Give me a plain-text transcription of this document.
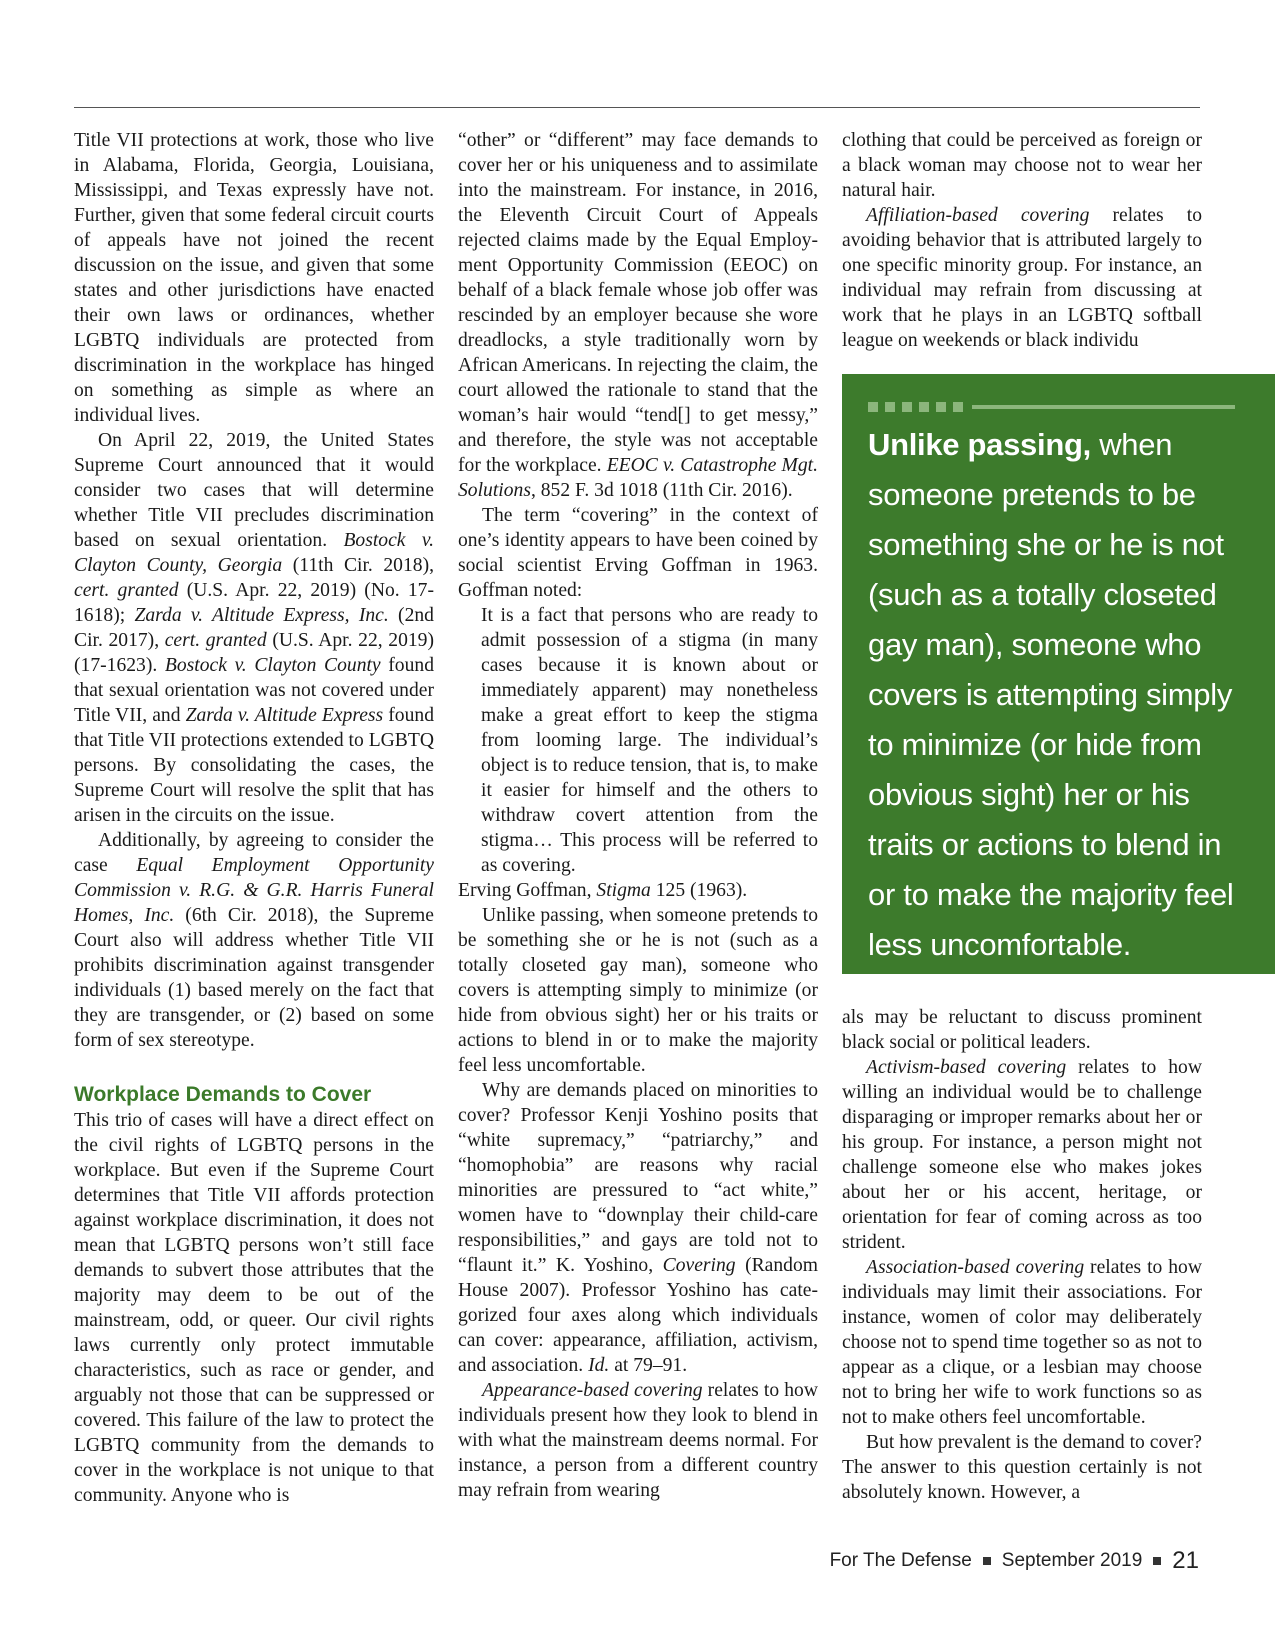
Title VII protections at work, those who live in Alabama, Florida, Georgia, Louisiana, Mississippi, and Texas expressly have not. Further, given that some federal circuit courts of appeals have not joined the recent discussion on the issue, and given that some states and other jurisdictions have enacted their own laws or ordinances, whether LGBTQ individuals are protected from discrimination in the workplace has hinged on something as simple as where an individual lives.

On April 22, 2019, the United States Supreme Court announced that it would consider two cases that will determine whether Title VII precludes discrimination based on sexual orientation. Bostock v. Clayton County, Georgia (11th Cir. 2018), cert. granted (U.S. Apr. 22, 2019) (No. 17-1618); Zarda v. Altitude Express, Inc. (2nd Cir. 2017), cert. granted (U.S. Apr. 22, 2019) (17-1623). Bostock v. Clayton County found that sexual orientation was not covered under Title VII, and Zarda v. Altitude Express found that Title VII protections extended to LGBTQ persons. By consolidating the cases, the Supreme Court will resolve the split that has arisen in the circuits on the issue.

Additionally, by agreeing to consider the case Equal Employment Opportunity Commission v. R.G. & G.R. Harris Funeral Homes, Inc. (6th Cir. 2018), the Supreme Court also will address whether Title VII prohibits discrimination against transgender individuals (1) based merely on the fact that they are transgender, or (2) based on some form of sex stereotype.

Workplace Demands to Cover

This trio of cases will have a direct effect on the civil rights of LGBTQ persons in the workplace. But even if the Supreme Court determines that Title VII affords protection against workplace discrimination, it does not mean that LGBTQ persons won’t still face demands to subvert those attributes that the majority may deem to be out of the mainstream, odd, or queer. Our civil rights laws currently only protect immutable characteristics, such as race or gender, and arguably not those that can be suppressed or covered. This failure of the law to protect the LGBTQ community from the demands to cover in the workplace is not unique to that community. Anyone who is

“other” or “different” may face demands to cover her or his uniqueness and to assimilate into the mainstream. For instance, in 2016, the Eleventh Circuit Court of Appeals rejected claims made by the Equal Employment Opportunity Commission (EEOC) on behalf of a black female whose job offer was rescinded by an employer because she wore dreadlocks, a style traditionally worn by African Americans. In rejecting the claim, the court allowed the rationale to stand that the woman’s hair would “tend[] to get messy,” and therefore, the style was not acceptable for the workplace. EEOC v. Catastrophe Mgt. Solutions, 852 F. 3d 1018 (11th Cir. 2016).

The term “covering” in the context of one’s identity appears to have been coined by social scientist Erving Goffman in 1963. Goffman noted:

It is a fact that persons who are ready to admit possession of a stigma (in many cases because it is known about or immediately apparent) may nonetheless make a great effort to keep the stigma from looming large. The individual’s object is to reduce tension, that is, to make it easier for himself and the others to withdraw covert attention from the stigma… This process will be referred to as covering.

Erving Goffman, Stigma 125 (1963).

Unlike passing, when someone pretends to be something she or he is not (such as a totally closeted gay man), someone who covers is attempting simply to minimize (or hide from obvious sight) her or his traits or actions to blend in or to make the majority feel less uncomfortable.

Why are demands placed on minorities to cover? Professor Kenji Yoshino posits that “white supremacy,” “patriarchy,” and “homophobia” are reasons why racial minorities are pressured to “act white,” women have to “downplay their child-care responsibilities,” and gays are told not to “flaunt it.” K. Yoshino, Covering (Random House 2007). Professor Yoshino has categorized four axes along which individuals can cover: appearance, affiliation, activism, and association. Id. at 79–91.

Appearance-based covering relates to how individuals present how they look to blend in with what the mainstream deems normal. For instance, a person from a different country may refrain from wearing

clothing that could be perceived as foreign or a black woman may choose not to wear her natural hair.

Affiliation-based covering relates to avoiding behavior that is attributed largely to one specific minority group. For instance, an individual may refrain from discussing at work that he plays in an LGBTQ softball league on weekends or black individu

Unlike passing, when someone pretends to be something she or he is not (such as a totally closeted gay man), someone who covers is attempting simply to minimize (or hide from obvious sight) her or his traits or actions to blend in or to make the majority feel less uncomfortable.

als may be reluctant to discuss prominent black social or political leaders.

Activism-based covering relates to how willing an individual would be to challenge disparaging or improper remarks about her or his group. For instance, a person might not challenge someone else who makes jokes about her or his accent, heritage, or orientation for fear of coming across as too strident.

Association-based covering relates to how individuals may limit their associations. For instance, women of color may deliberately choose not to spend time together so as not to appear as a clique, or a lesbian may choose not to bring her wife to work functions so as not to make others feel uncomfortable.

But how prevalent is the demand to cover? The answer to this question certainly is not absolutely known. However, a

For The Defense September 2019 21
